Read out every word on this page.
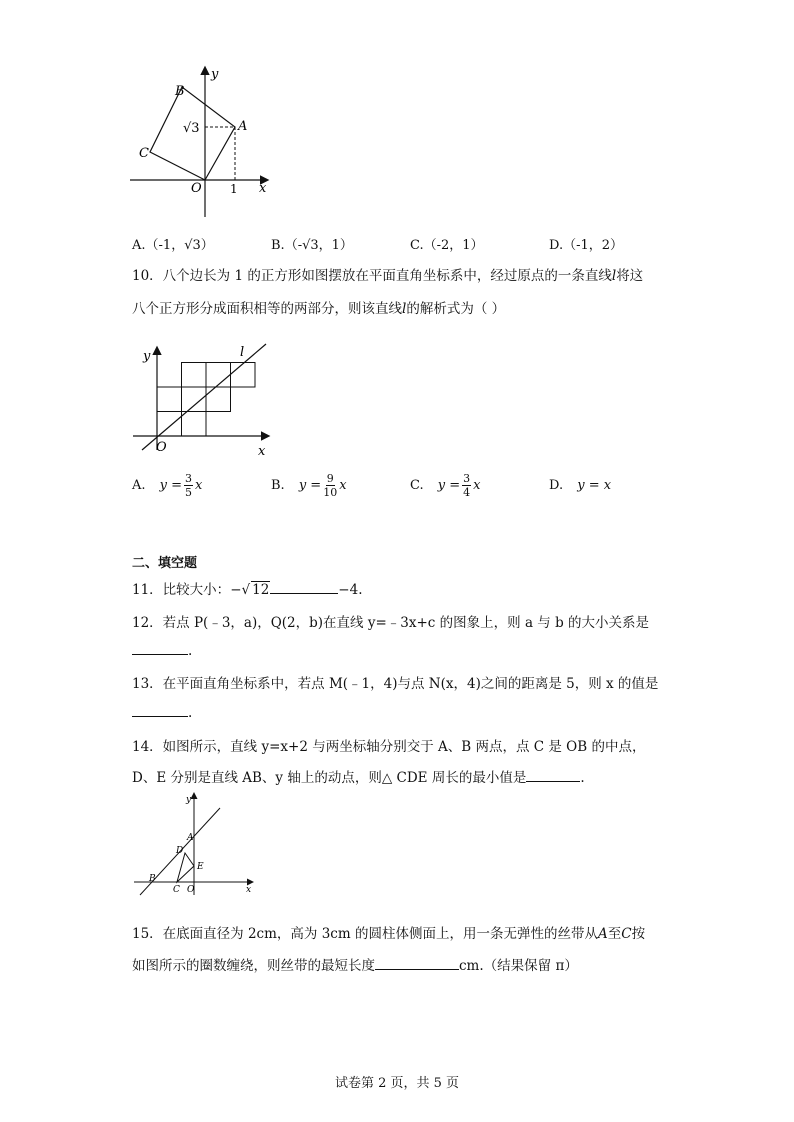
y
x
B
C
A
O 1
√3
A.（-1，√3）	B.（-√3，1）	C.（-2，1）	D.（-1，2）
10．八个边长为 1 的正方形如图摆放在平面直角坐标系中，经过原点的一条直线l将这
八个正方形分成面积相等的两部分，则该直线l的解析式为（ ）
y
x
O
l
A. $y = \frac{3}{5}$ x	B. $y = \frac{9}{10}$ x	C. $y = \frac{3}{4}$ x	D. y = x
二、填空题
11．比较大小：−√ 12	−4.
12．若点 P(﹣3，a)，Q(2，b)在直线 y=﹣3x+c 的图象上，则 a 与 b 的大小关系是
.
13．在平面直角坐标系中，若点 M(﹣1，4)与点 N(x，4)之间的距离是 5，则 x 的值是
.
14．如图所示，直线 y=x+2 与两坐标轴分别交于 A、B 两点，点 C 是 OB 的中点，
D、E 分别是直线 AB、y 轴上的动点，则△ CDE 周长的最小值是	.
y
x
A
B
C
D
E
O
15．在底面直径为 2cm，高为 3cm 的圆柱体侧面上，用一条无弹性的丝带从A至C按
如图所示的圈数缠绕，则丝带的最短长度	cm.（结果保留 π）
试卷第 2 页，共 5 页
